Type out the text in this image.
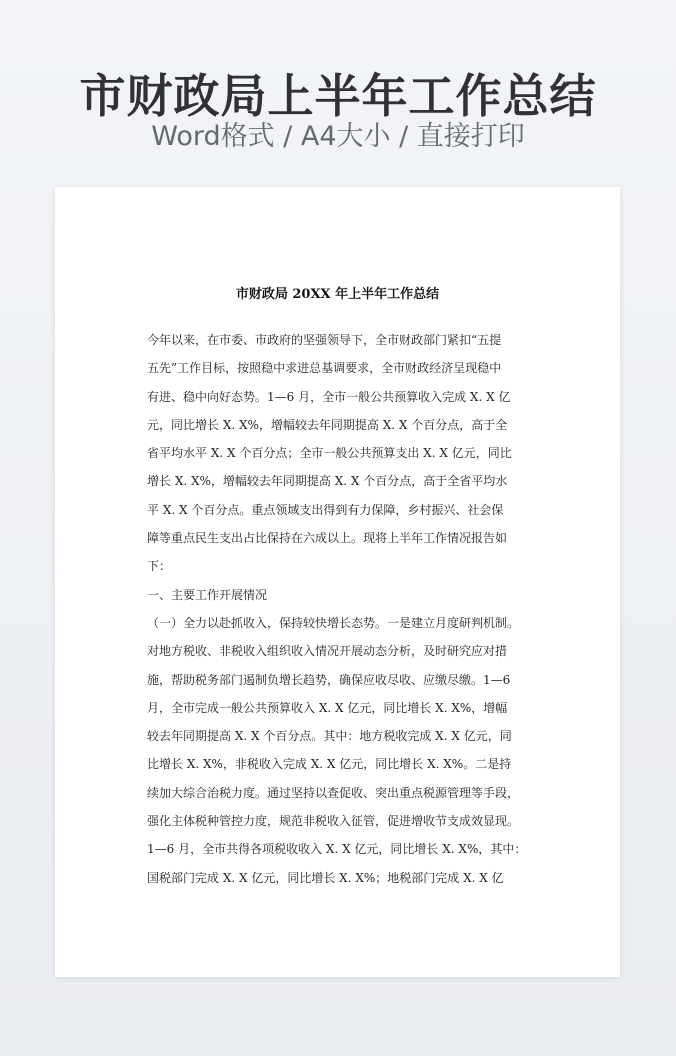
市财政局上半年工作总结
Word格式 / A4大小 / 直接打印
市财政局 20XX 年上半年工作总结
今年以来，在市委、市政府的坚强领导下，全市财政部门紧扣“五提
五先”工作目标，按照稳中求进总基调要求，全市财政经济呈现稳中
有进、稳中向好态势。1—6 月，全市一般公共预算收入完成 X. X 亿
元，同比增长 X. X%，增幅较去年同期提高 X. X 个百分点，高于全
省平均水平 X. X 个百分点；全市一般公共预算支出 X. X 亿元，同比
增长 X. X%，增幅较去年同期提高 X. X 个百分点，高于全省平均水
平 X. X 个百分点。重点领域支出得到有力保障，乡村振兴、社会保
障等重点民生支出占比保持在六成以上。现将上半年工作情况报告如
下：
一、主要工作开展情况
（一）全力以赴抓收入，保持较快增长态势。一是建立月度研判机制。
对地方税收、非税收入组织收入情况开展动态分析，及时研究应对措
施，帮助税务部门遏制负增长趋势，确保应收尽收、应缴尽缴。1—6
月，全市完成一般公共预算收入 X. X 亿元，同比增长 X. X%，增幅
较去年同期提高 X. X 个百分点。其中：地方税收完成 X. X 亿元，同
比增长 X. X%，非税收入完成 X. X 亿元，同比增长 X. X%。二是持
续加大综合治税力度。通过坚持以查促收、突出重点税源管理等手段，
强化主体税种管控力度，规范非税收入征管，促进增收节支成效显现。
1—6 月，全市共得各项税收收入 X. X 亿元，同比增长 X. X%，其中：
国税部门完成 X. X 亿元，同比增长 X. X%；地税部门完成 X. X 亿
